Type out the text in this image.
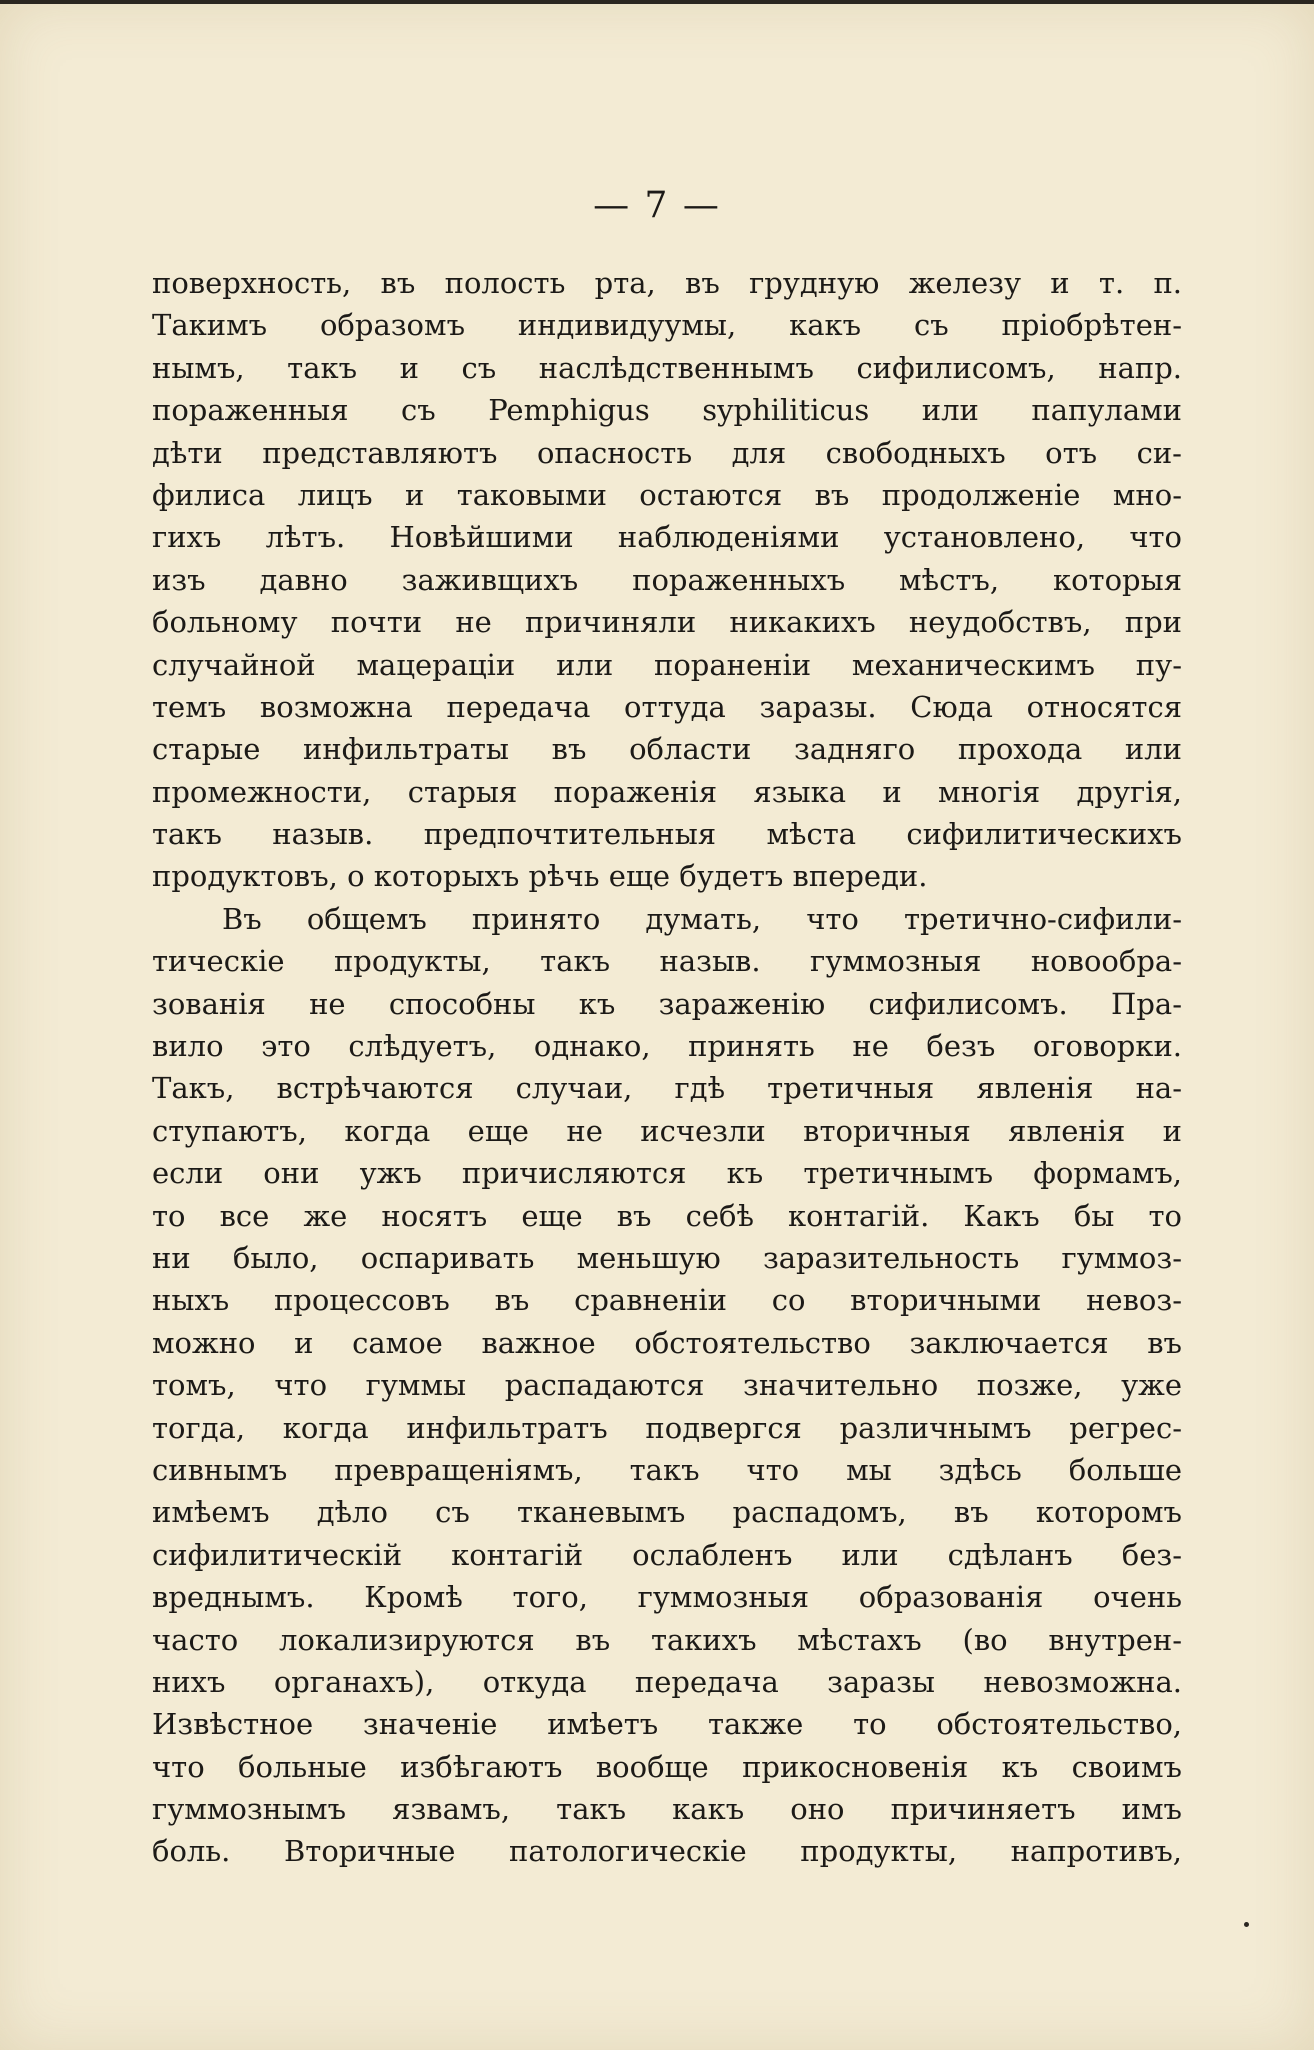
— 7 —
поверхность, въ полость рта, въ грудную железу и т. п.
Такимъ образомъ индивидуумы, какъ съ пріобрѣтен-
нымъ, такъ и съ наслѣдственнымъ сифилисомъ, напр.
пораженныя съ Pemphigus syphiliticus или папулами
дѣти представляютъ опасность для свободныхъ отъ си-
филиса лицъ и таковыми остаются въ продолженіе мно-
гихъ лѣтъ. Новѣйшими наблюденіями установлено, что
изъ давно заживщихъ пораженныхъ мѣстъ, которыя
больному почти не причиняли никакихъ неудобствъ, при
случайной мацераціи или пораненіи механическимъ пу-
темъ возможна передача оттуда заразы. Сюда относятся
старые инфильтраты въ области задняго прохода или
промежности, старыя пораженія языка и многія другія,
такъ назыв. предпочтительныя мѣста сифилитическихъ
продуктовъ, о которыхъ рѣчь еще будетъ впереди.
Въ общемъ принято думать, что третично-сифили-
тическіе продукты, такъ назыв. гуммозныя новообра-
зованія не способны къ зараженію сифилисомъ. Пра-
вило это слѣдуетъ, однако, принять не безъ оговорки.
Такъ, встрѣчаются случаи, гдѣ третичныя явленія на-
ступаютъ, когда еще не исчезли вторичныя явленія и
если они ужъ причисляются къ третичнымъ формамъ,
то все же носятъ еще въ себѣ контагій. Какъ бы то
ни было, оспаривать меньшую заразительность гуммоз-
ныхъ процессовъ въ сравненіи со вторичными невоз-
можно и самое важное обстоятельство заключается въ
томъ, что гуммы распадаются значительно позже, уже
тогда, когда инфильтратъ подвергся различнымъ регрес-
сивнымъ превращеніямъ, такъ что мы здѣсь больше
имѣемъ дѣло съ тканевымъ распадомъ, въ которомъ
сифилитическій контагій ослабленъ или сдѣланъ без-
вреднымъ. Кромѣ того, гуммозныя образованія очень
часто локализируются въ такихъ мѣстахъ (во внутрен-
нихъ органахъ), откуда передача заразы невозможна.
Извѣстное значеніе имѣетъ также то обстоятельство,
что больные избѣгаютъ вообще прикосновенія къ своимъ
гуммознымъ язвамъ, такъ какъ оно причиняетъ имъ
боль. Вторичные патологическіе продукты, напротивъ,
